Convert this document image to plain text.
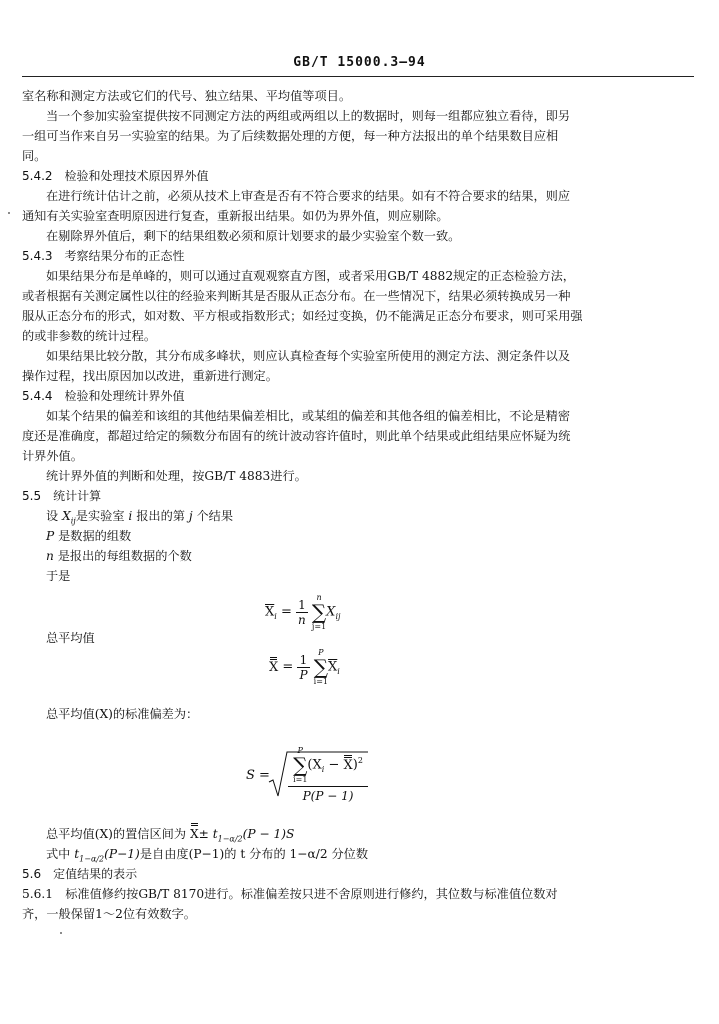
GB/T 15000.3—94
室名称和测定方法或它们的代号、独立结果、平均值等项目。
当一个参加实验室提供按不同测定方法的两组或两组以上的数据时，则每一组都应独立看待，即另
一组可当作来自另一实验室的结果。为了后续数据处理的方便，每一种方法报出的单个结果数目应相
同。
5.4.2　检验和处理技术原因界外值
在进行统计估计之前，必须从技术上审查是否有不符合要求的结果。如有不符合要求的结果，则应
通知有关实验室查明原因进行复查，重新报出结果。如仍为界外值，则应剔除。
在剔除界外值后，剩下的结果组数必须和原计划要求的最少实验室个数一致。
5.4.3　考察结果分布的正态性
如果结果分布是单峰的，则可以通过直观观察直方图，或者采用GB/T 4882规定的正态检验方法，
或者根据有关测定属性以往的经验来判断其是否服从正态分布。在一些情况下，结果必须转换成另一种
服从正态分布的形式，如对数、平方根或指数形式；如经过变换，仍不能满足正态分布要求，则可采用强
的或非参数的统计过程。
如果结果比较分散，其分布成多峰状，则应认真检查每个实验室所使用的测定方法、测定条件以及
操作过程，找出原因加以改进，重新进行测定。
5.4.4　检验和处理统计界外值
如某个结果的偏差和该组的其他结果偏差相比，或某组的偏差和其他各组的偏差相比，不论是精密
度还是准确度，都超过给定的频数分布固有的统计波动容许值时，则此单个结果或此组结果应怀疑为统
计界外值。
统计界外值的判断和处理，按GB/T 4883进行。
5.5　统计计算
设 $X_{ij}$是实验室 i 报出的第 j 个结果
P 是数据的组数
n 是报出的每组数据的个数
于是
$\overline{X}_i = \frac{1}{n}$
	n
∑
j=1
$X_{ij}$
总平均值
$X = \frac{1}{P}$
	P
∑
i=1
$\overline{X}_i$
总平均值(X)的标准偏差为：
S =
P
∑
i=1
$(X_i - X)^2$
P(P − 1)
总平均值(X)的置信区间为 $X\pm t_{1-\alpha/2}(P - 1)S$
式中 $t_{1-\alpha/2}(P-1)$是自由度(P−1)的 t 分布的 1−α/2 分位数
5.6　定值结果的表示
5.6.1　标准值修约按GB/T 8170进行。标准偏差按只进不舍原则进行修约，其位数与标准值位数对
齐，一般保留1～2位有效数字。
